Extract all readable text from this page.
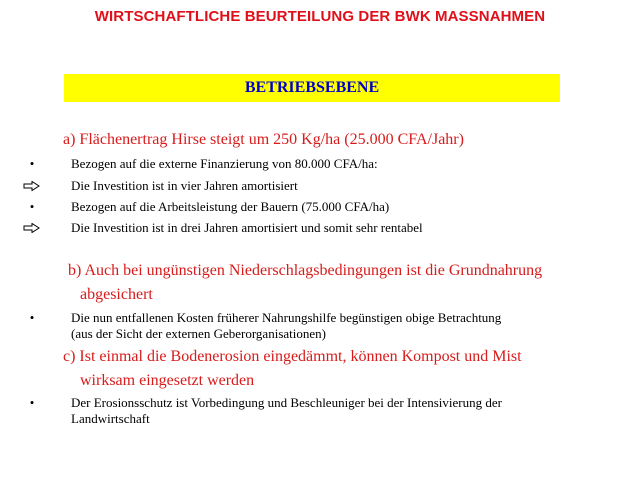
WIRTSCHAFTLICHE BEURTEILUNG DER BWK MASSNAHMEN
BETRIEBSEBENE
a) Flächenertrag Hirse steigt um 250 Kg/ha (25.000 CFA/Jahr)
•	Bezogen auf die externe Finanzierung von 80.000 CFA/ha:
Die Investition ist in vier Jahren amortisiert
•	Bezogen auf die Arbeitsleistung der Bauern (75.000 CFA/ha)
Die Investition ist in drei Jahren amortisiert und somit sehr rentabel
b) Auch bei ungünstigen Niederschlagsbedingungen ist die Grundnahrung
abgesichert
•	Die nun entfallenen Kosten früherer Nahrungshilfe begünstigen obige Betrachtung
(aus der Sicht der externen Geberorganisationen)
c) Ist einmal die Bodenerosion eingedämmt, können Kompost und Mist
wirksam eingesetzt werden
•	Der Erosionsschutz ist Vorbedingung und Beschleuniger bei der Intensivierung der
Landwirtschaft
